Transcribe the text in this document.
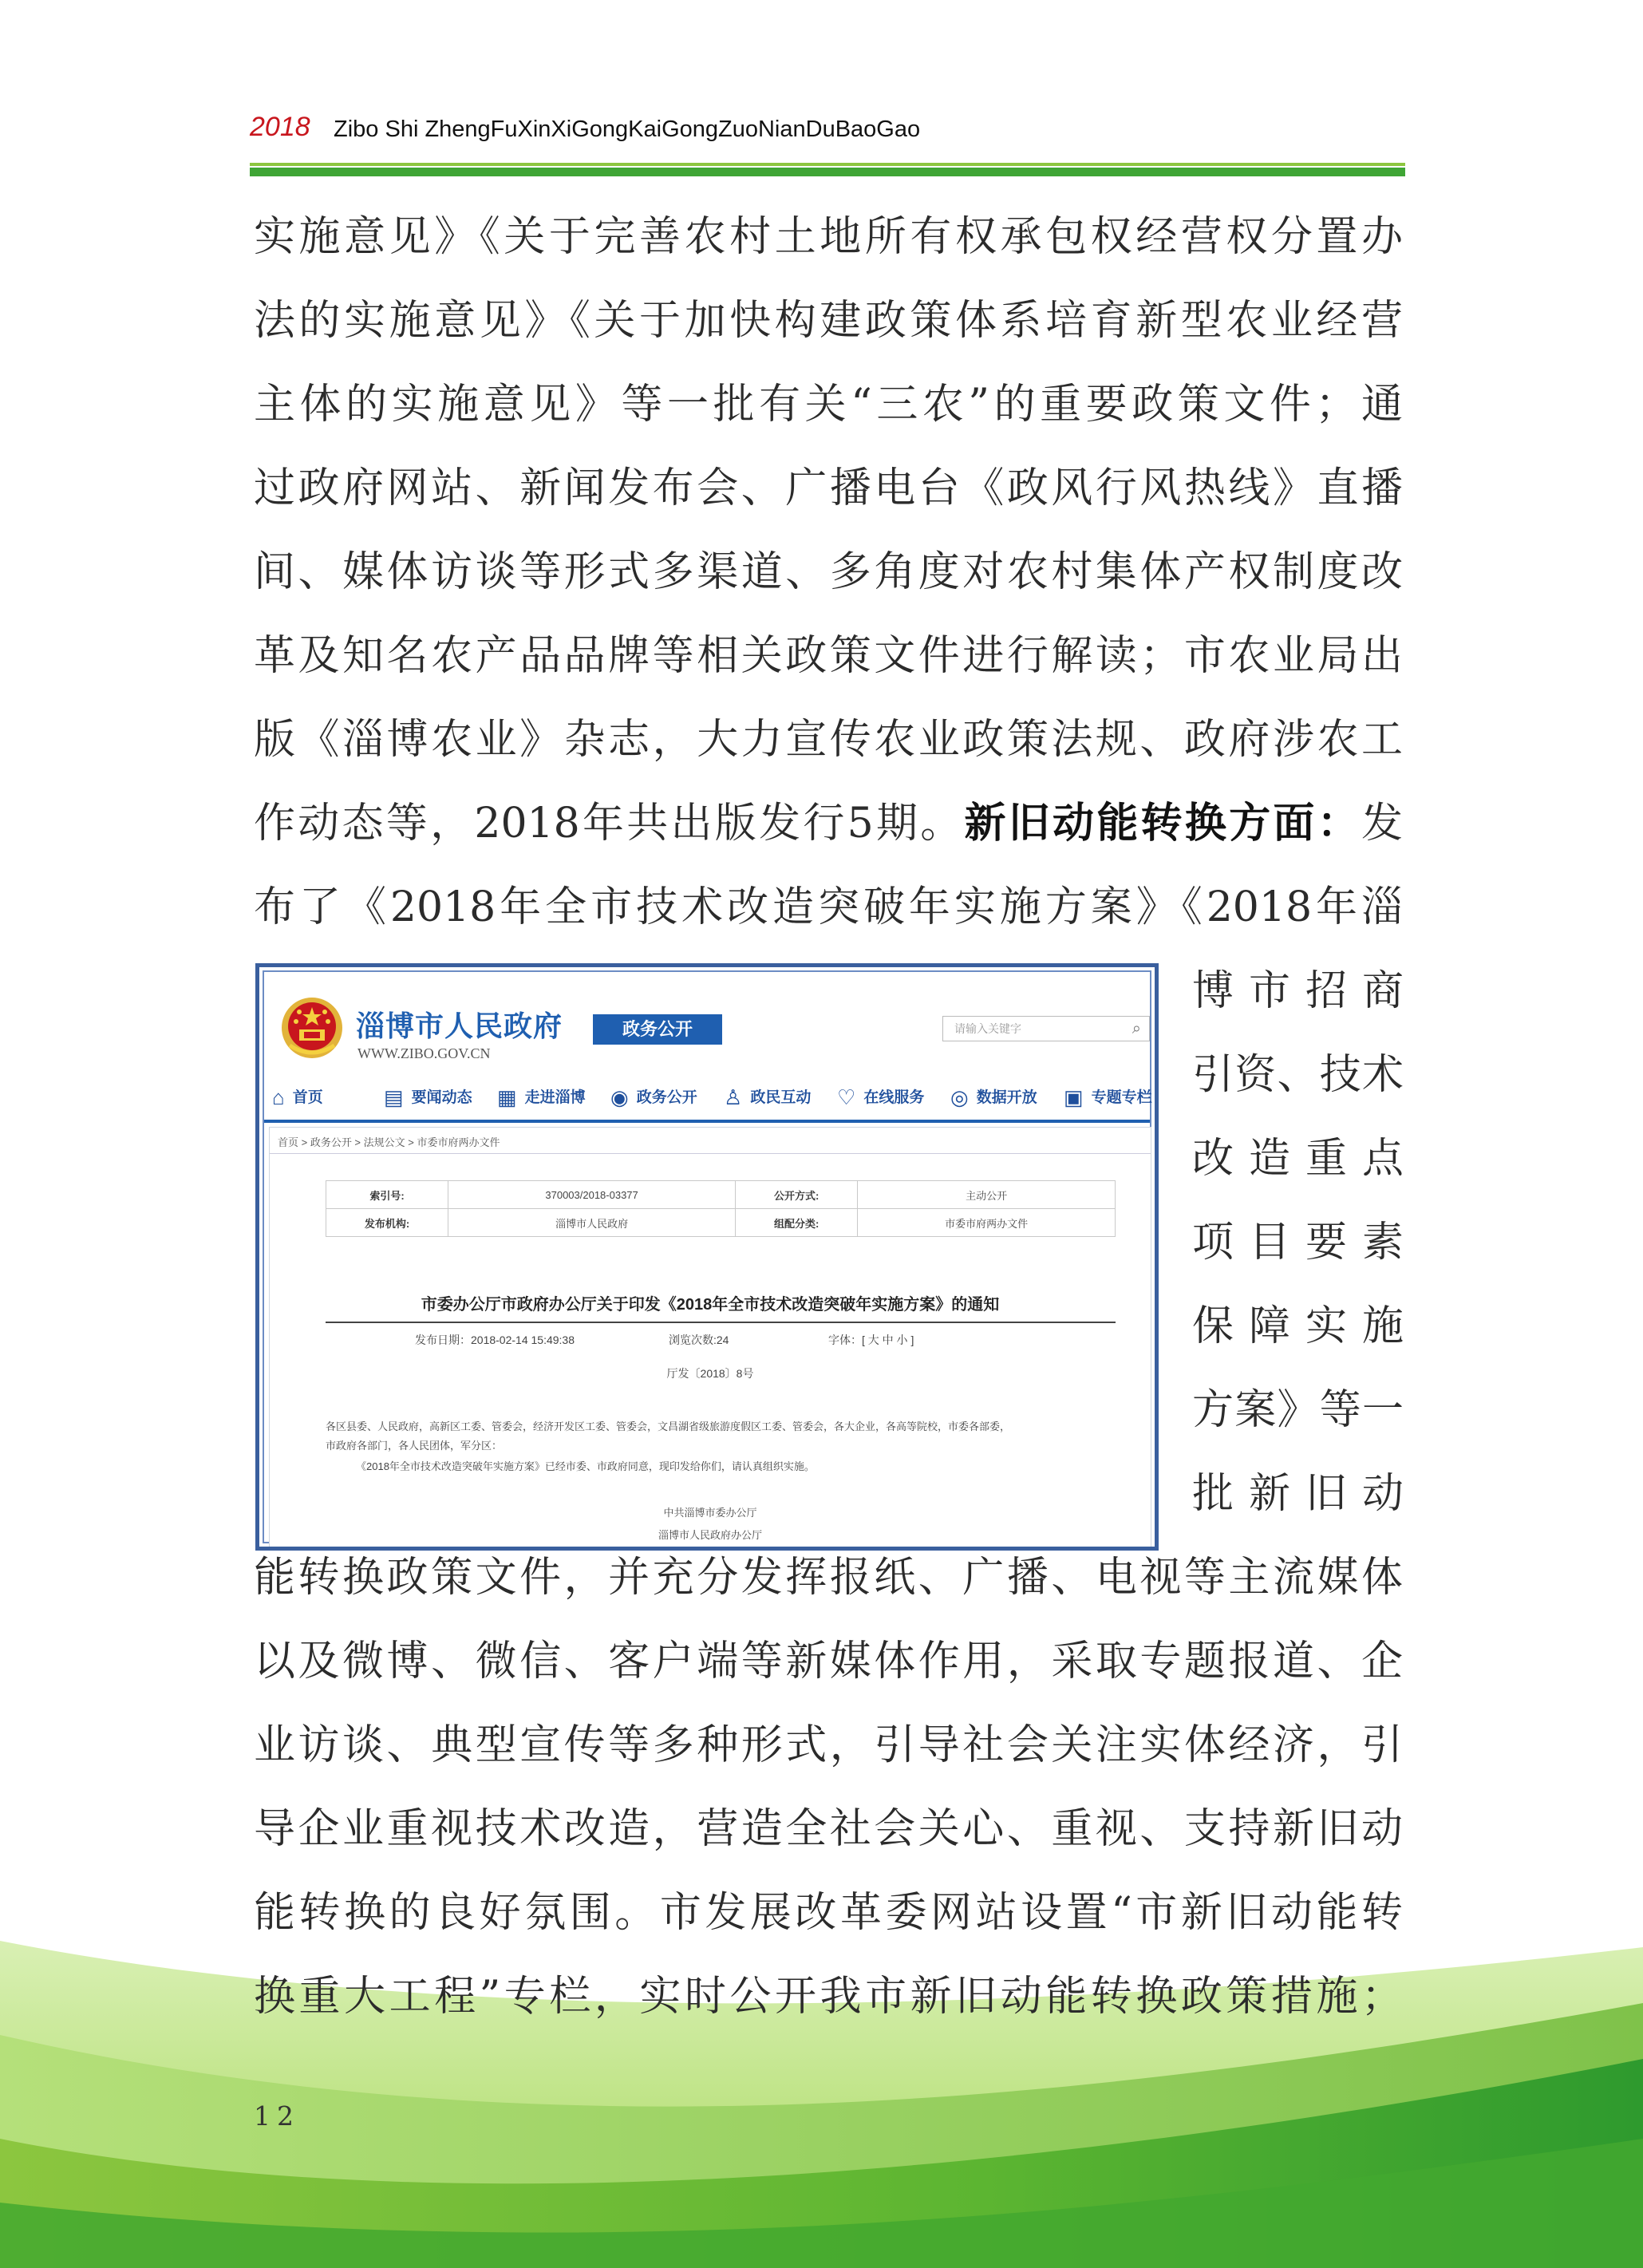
2018 Zibo Shi ZhengFuXinXiGongKaiGongZuoNianDuBaoGao
实施意见》《关于完善农村土地所有权承包权经营权分置办
法的实施意见》《关于加快构建政策体系培育新型农业经营
主体的实施意见》等一批有关“三农”的重要政策文件；通
过政府网站、新闻发布会、广播电台《政风行风热线》直播
间、媒体访谈等形式多渠道、多角度对农村集体产权制度改
革及知名农产品品牌等相关政策文件进行解读；市农业局出
版《淄博农业》杂志，大力宣传农业政策法规、政府涉农工
作动态等，2018年共出版发行5期。新旧动能转换方面：发
布了《2018年全市技术改造突破年实施方案》《2018年淄
博市招商
引资、技术
改造重点
项目要素
保障实施
方案》等一
批新旧动
淄博市人民政府
WWW.ZIBO.GOV.CN
政务公开	请输入关键字	⌕
⌂ 首页	▤ 要闻动态 ▦ 走进淄博 ◉ 政务公开 ♙ 政民互动 ♡ 在线服务 ◎ 数据开放 ▣ 专题专栏
首页 > 政务公开 > 法规公文 > 市委市府两办文件
索引号:	370003/2018-03377	公开方式:	主动公开
发布机构:	淄博市人民政府	组配分类:	市委市府两办文件
市委办公厅市政府办公厅关于印发《2018年全市技术改造突破年实施方案》的通知
发布日期：2018-02-14 15:49:38	浏览次数:24	字体：[ 大 中 小 ]
厅发〔2018〕8号
各区县委、人民政府，高新区工委、管委会，经济开发区工委、管委会，文昌湖省级旅游度假区工委、管委会，各大企业，各高等院校，市委各部委，
市政府各部门，各人民团体，军分区：
《2018年全市技术改造突破年实施方案》已经市委、市政府同意，现印发给你们，请认真组织实施。
中共淄博市委办公厅
淄博市人民政府办公厅
能转换政策文件，并充分发挥报纸、广播、电视等主流媒体
以及微博、微信、客户端等新媒体作用，采取专题报道、企
业访谈、典型宣传等多种形式，引导社会关注实体经济，引
导企业重视技术改造，营造全社会关心、重视、支持新旧动
能转换的良好氛围。市发展改革委网站设置“市新旧动能转
换重大工程”专栏，实时公开我市新旧动能转换政策措施；
12
